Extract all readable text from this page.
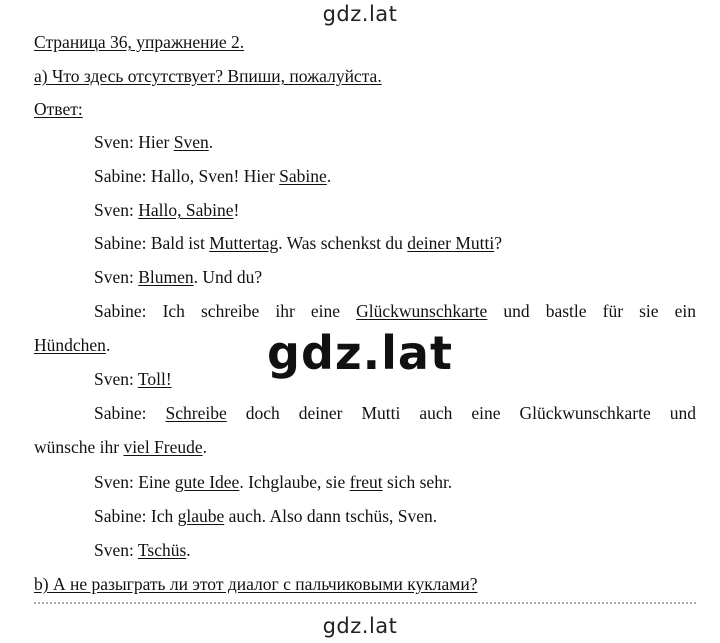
gdz.lat
Страница 36, упражнение 2.
a) Что здесь отсутствует? Впиши, пожалуйста.
Ответ:
Sven: Hier Sven.
Sabine: Hallo, Sven! Hier Sabine.
Sven: Hallo, Sabine!
Sabine: Bald ist Muttertag. Was schenkst du deiner Mutti?
Sven: Blumen. Und du?
Sabine: Ich schreibe ihr eine Glückwunschkarte und bastle für sie ein
Hündchen.
Sven: Toll!
Sabine: Schreibe doch deiner Mutti auch eine Glückwunschkarte und
wünsche ihr viel Freude.
Sven: Eine gute Idee. Ichglaube, sie freut sich sehr.
Sabine: Ich glaube auch. Also dann tschüs, Sven.
Sven: Tschüs.
b) А не разыграть ли этот диалог с пальчиковыми куклами?
gdz.lat
gdz.lat
